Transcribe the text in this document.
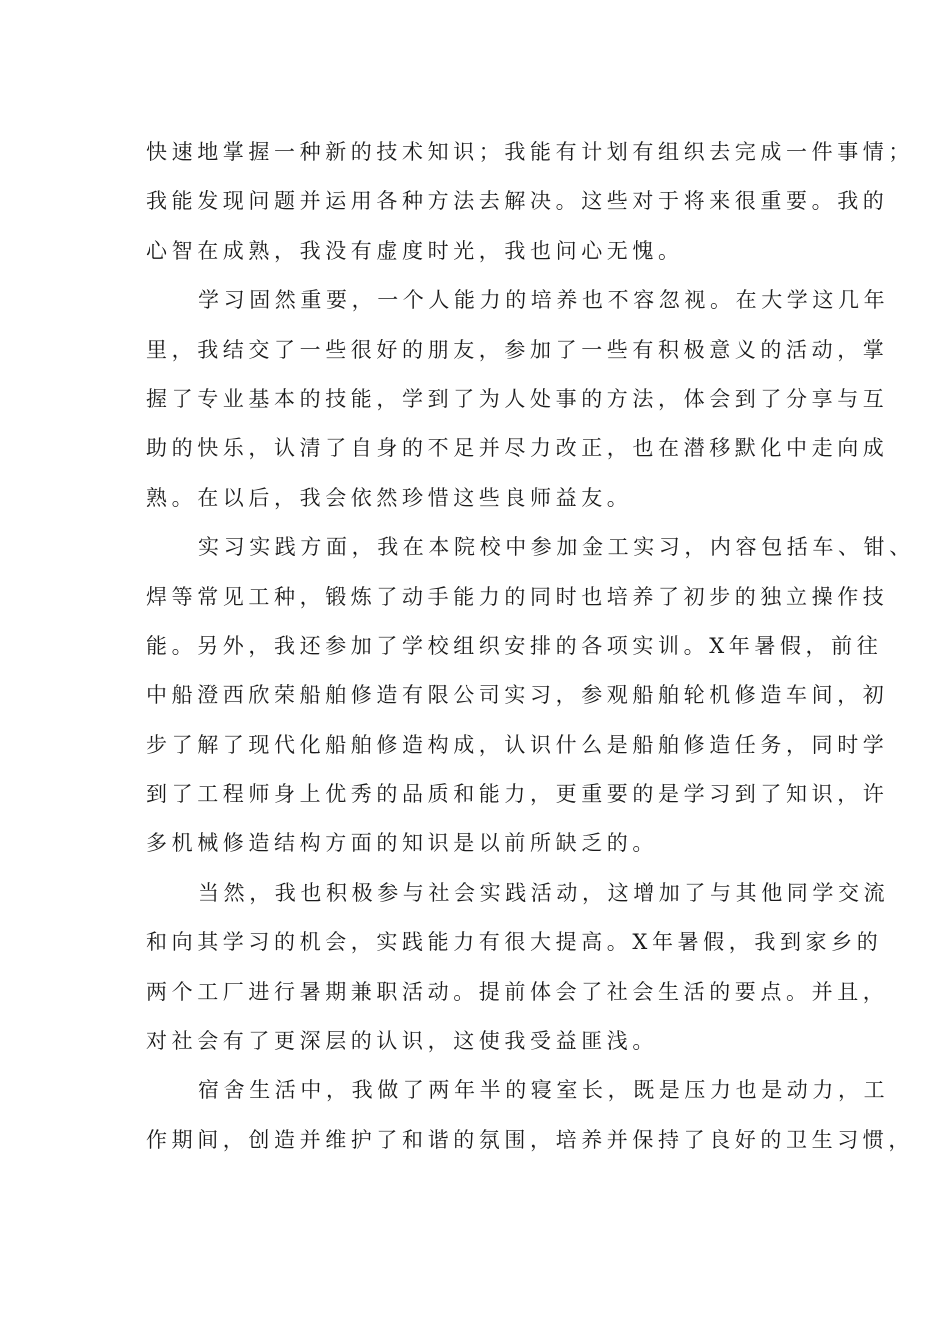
快速地掌握一种新的技术知识；我能有计划有组织去完成一件事情；
我能发现问题并运用各种方法去解决。这些对于将来很重要。我的
心智在成熟，我没有虚度时光，我也问心无愧。
学习固然重要，一个人能力的培养也不容忽视。在大学这几年
里，我结交了一些很好的朋友，参加了一些有积极意义的活动，掌
握了专业基本的技能，学到了为人处事的方法，体会到了分享与互
助的快乐，认清了自身的不足并尽力改正，也在潜移默化中走向成
熟。在以后，我会依然珍惜这些良师益友。
实习实践方面，我在本院校中参加金工实习，内容包括车、钳、
焊等常见工种，锻炼了动手能力的同时也培养了初步的独立操作技
能。另外，我还参加了学校组织安排的各项实训。X年暑假，前往
中船澄西欣荣船舶修造有限公司实习，参观船舶轮机修造车间，初
步了解了现代化船舶修造构成，认识什么是船舶修造任务，同时学
到了工程师身上优秀的品质和能力，更重要的是学习到了知识，许
多机械修造结构方面的知识是以前所缺乏的。
当然，我也积极参与社会实践活动，这增加了与其他同学交流
和向其学习的机会，实践能力有很大提高。X年暑假，我到家乡的
两个工厂进行暑期兼职活动。提前体会了社会生活的要点。并且，
对社会有了更深层的认识，这使我受益匪浅。
宿舍生活中，我做了两年半的寝室长，既是压力也是动力，工
作期间，创造并维护了和谐的氛围，培养并保持了良好的卫生习惯，
